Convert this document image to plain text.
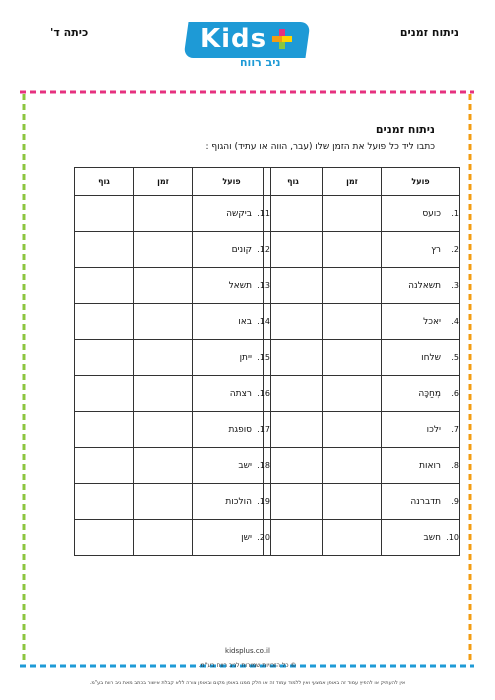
ניתוח זמנים
כיתה ד'	Kids
ניב רווח
ניתוח זמנים
כתבו ליד כל פועל את הזמן שלו (עבר, הווה או עתיד) והגוף :
פועל	זמן	גוף
1.כועס		
2.רץ		
3.תשאלנה		
4.יאכל		
5.שלחו		
6.מְחַכָּה		
7.ילכו		
8.רואות		
9.תדברנה		
10.חשב		
פועל	זמן	גוף
11.ביקשה		
12.קונים		
13.תשאל		
14.באו		
15.ייתן		
16.רצתה		
17.סופגת		
18.ישב		
19.הולכות		
20.ישן		
kidsplus.co.il
© כל הזכויות שמורות לניב רווח בע"מ.
אין להעתיק או להפיץ עמוד זה באופן אמצעי ואין ללמוד עמוד זה או חלק ממנו באופן מקום ובאופן צורה ללא קבלת אישור בכתב מאת ניב רווח בע"מ.
